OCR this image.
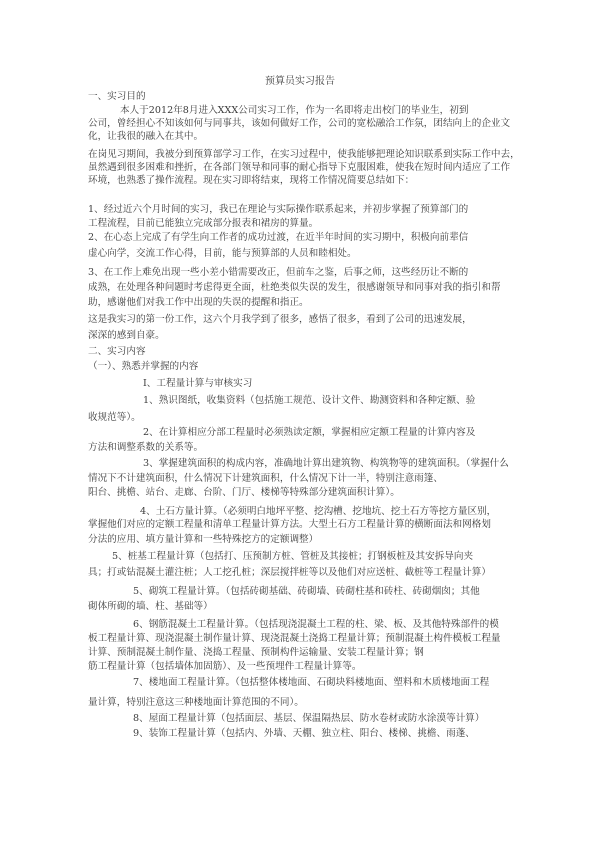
预算员实习报告
一、实习目的
本人于2012年8月进入XXX公司实习工作，作为一名即将走出校门的毕业生，初到
公司，曾经担心不知该如何与同事共，该如何做好工作，公司的宽松融洽工作氛，团结向上的企业文
化，让我很的融入在其中。
在岗见习期间，我被分到预算部学习工作，在实习过程中，使我能够把理论知识联系到实际工作中去，
虽然遇到很多困难和挫折，在各部门领导和同事的耐心指导下克服困难，使我在短时间内适应了工作
环境，也熟悉了操作流程。现在实习即将结束，现将工作情况简要总结如下：
1、经过近六个月时间的实习，我已在理论与实际操作联系起来，并初步掌握了预算部门的
工程流程，目前已能独立完成部分报表和裙房的算量。
2、在心态上完成了有学生向工作者的成功过渡，在近半年时间的实习期中，积极向前辈信
虚心向学，交流工作心得，目前，能与预算部的人员和睦相处。
3、在工作上难免出现一些小差小错需要改正，但前车之鉴，后事之师，这些经历让不断的
成熟，在处理各种问题时考虑得更全面，杜绝类似失误的发生，很感谢领导和同事对我的指引和帮
助，感谢他们对我工作中出现的失误的提醒和指正。
这是我实习的第一份工作，这六个月我学到了很多，感悟了很多，看到了公司的迅速发展，
深深的感到自豪。
二、实习内容
（一）、熟悉并掌握的内容
I、工程量计算与审核实习
1、熟识图纸，收集资料（包括施工规范、设计文件、勘测资料和各种定额、验
收规范等）。
2、在计算相应分部工程量时必须熟读定额，掌握相应定额工程量的计算内容及
方法和调整系数的关系等。
3、掌握建筑面积的构成内容，准确地计算出建筑物、构筑物等的建筑面积。（掌握什么
情况下不计建筑面积，什么情况下计建筑面积，什么情况下计一半，特别注意雨篷、
阳台、挑檐、站台、走廊、台阶、门厅、楼梯等特殊部分建筑面积计算）。
4、土石方量计算。（必须明白地坪平整、挖沟槽、挖地坑、挖土石方等挖方量区别，
掌握他们对应的定额工程量和清单工程量计算方法。大型土石方工程量计算的横断面法和网格划
分法的应用、填方量计算和一些特殊挖方的定额调整）
5、桩基工程量计算（包括打、压预制方桩、管桩及其接桩；打钢板桩及其安拆导向夹
具；打或钻混凝土灌注桩；人工挖孔桩；深层搅拌桩等以及他们对应送桩、截桩等工程量计算）
5、砌筑工程量计算。（包括砖砌基础、砖砌墙、砖砌柱基和砖柱、砖砌烟囱；其他
砌体所砌的墙、柱、基础等）
6、钢筋混凝土工程量计算。（包括现浇混凝土工程的柱、梁、板、及其他特殊部件的模
板工程量计算、现浇混凝土制作量计算、现浇混凝土浇捣工程量计算；预制混凝土构件模板工程量
计算、预制混凝土制作量、浇捣工程量、预制构件运输量、安装工程量计算；钢
筋工程量计算（包括墙体加固筋）、及一些预埋件工程量计算等。
7、楼地面工程量计算。（包括整体楼地面、石砌块料楼地面、塑料和木质楼地面工程
量计算，特别注意这三种楼地面计算范围的不同）。
8、屋面工程量计算（包括面层、基层、保温隔热层、防水卷材或防水涂漠等计算）
9、装饰工程量计算（包括内、外墙、天棚、独立柱、阳台、楼梯、挑檐、雨蓬、
